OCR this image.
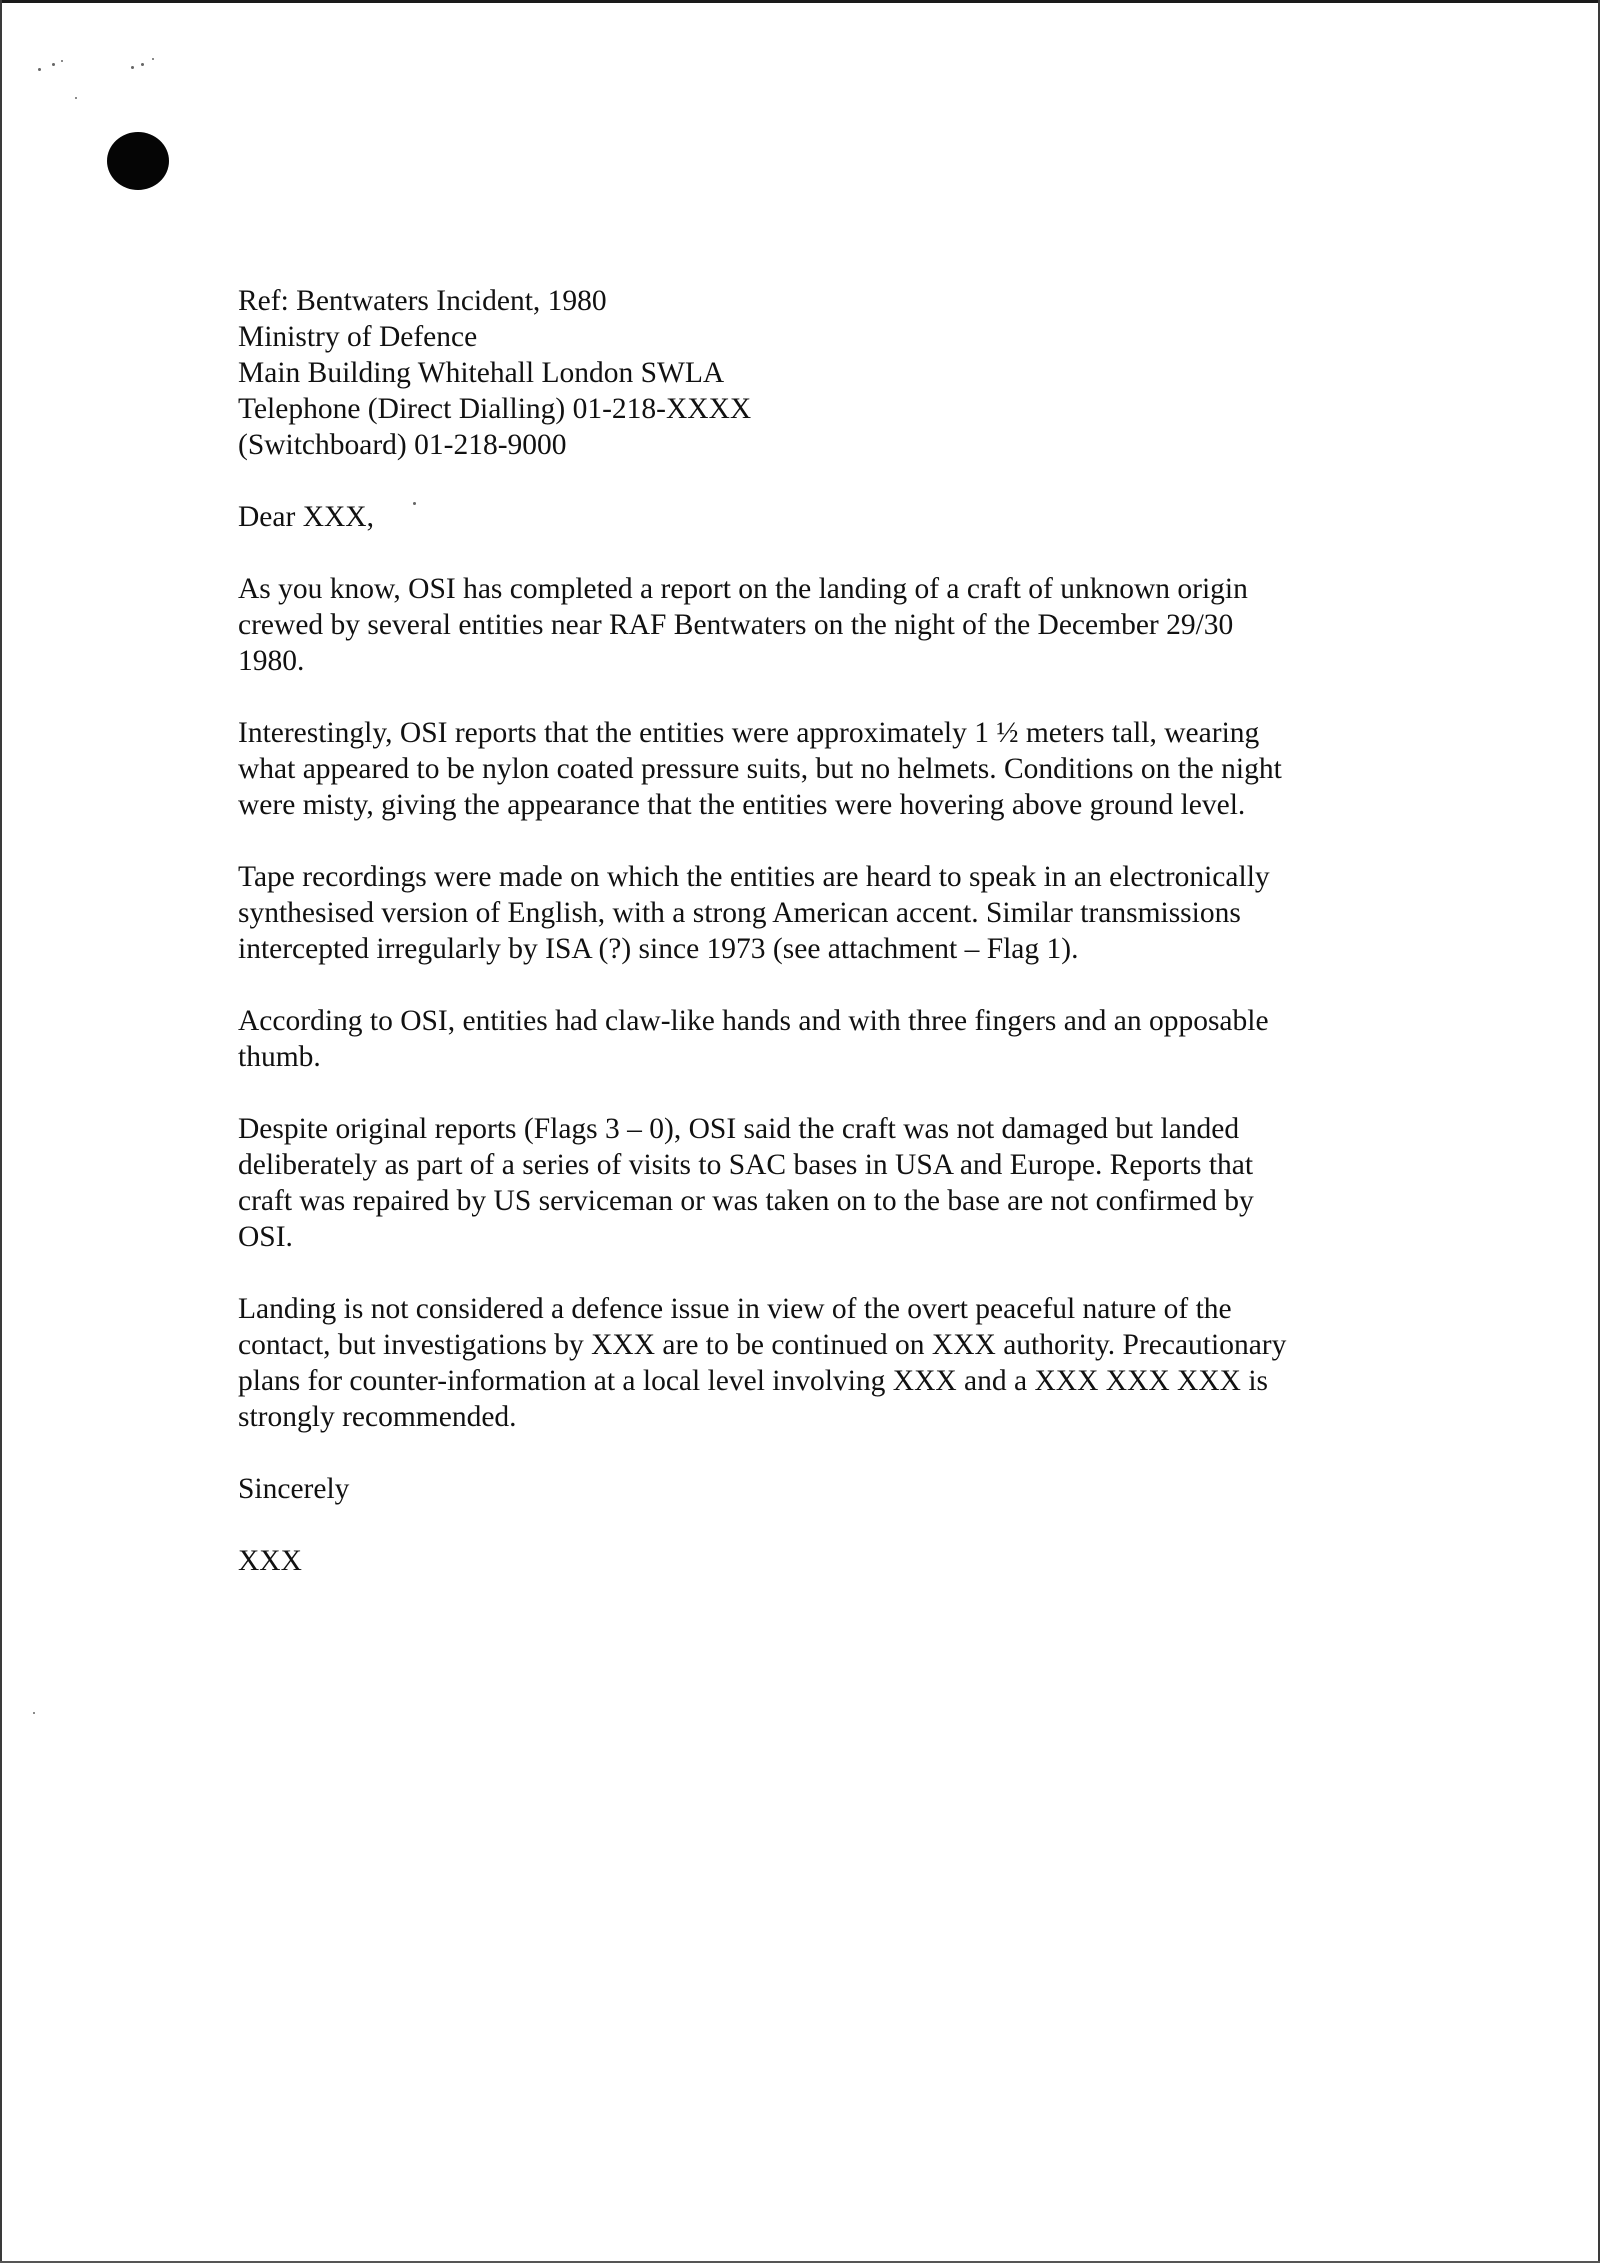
Ref: Bentwaters Incident, 1980
Ministry of Defence
Main Building Whitehall London SWLA
Telephone (Direct Dialling) 01-218-XXXX
(Switchboard) 01-218-9000
Dear XXX,
As you know, OSI has completed a report on the landing of a craft of unknown origin
crewed by several entities near RAF Bentwaters on the night of the December 29/30
1980.
Interestingly, OSI reports that the entities were approximately 1 ½ meters tall, wearing
what appeared to be nylon coated pressure suits, but no helmets. Conditions on the night
were misty, giving the appearance that the entities were hovering above ground level.
Tape recordings were made on which the entities are heard to speak in an electronically
synthesised version of English, with a strong American accent. Similar transmissions
intercepted irregularly by ISA (?) since 1973 (see attachment – Flag 1).
According to OSI, entities had claw-like hands and with three fingers and an opposable
thumb.
Despite original reports (Flags 3 – 0), OSI said the craft was not damaged but landed
deliberately as part of a series of visits to SAC bases in USA and Europe. Reports that
craft was repaired by US serviceman or was taken on to the base are not confirmed by
OSI.
Landing is not considered a defence issue in view of the overt peaceful nature of the
contact, but investigations by XXX are to be continued on XXX authority. Precautionary
plans for counter-information at a local level involving XXX and a XXX XXX XXX is
strongly recommended.
Sincerely
XXX
